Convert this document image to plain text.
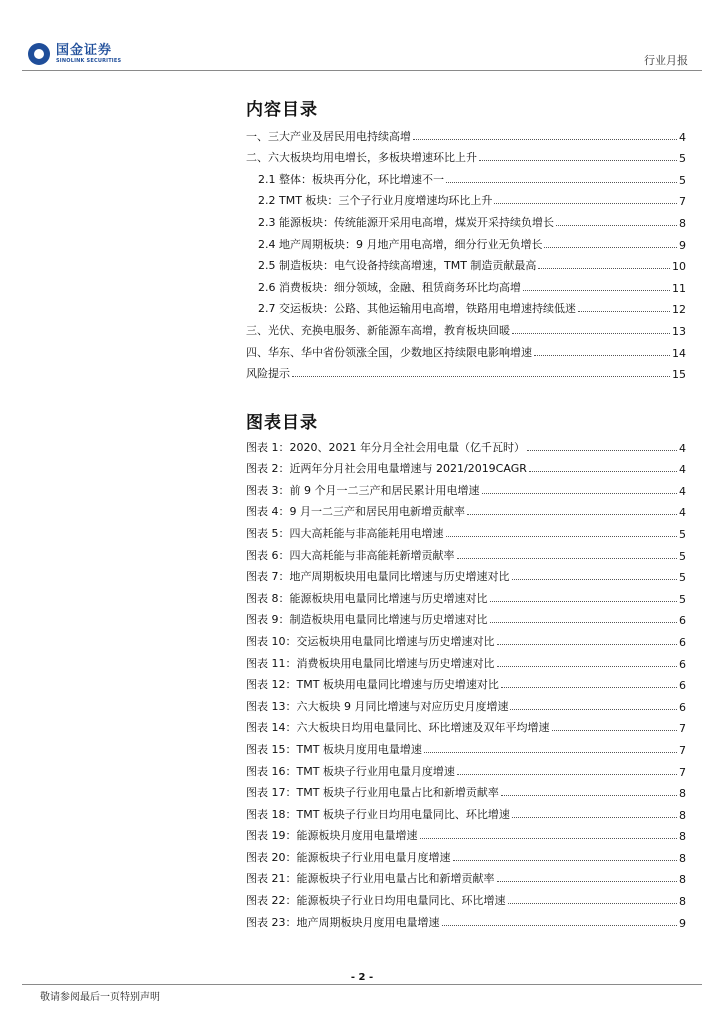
国金证券
SINOLINK SECURITIES	行业月报
内容目录
一、三大产业及居民用电持续高增	4
二、六大板块均用电增长，多板块增速环比上升	5
2.1 整体：板块再分化，环比增速不一	5
2.2 TMT 板块：三个子行业月度增速均环比上升	7
2.3 能源板块：传统能源开采用电高增，煤炭开采持续负增长	8
2.4 地产周期板块：9 月地产用电高增，细分行业无负增长	9
2.5 制造板块：电气设备持续高增速，TMT 制造贡献最高	10
2.6 消费板块：细分领域，金融、租赁商务环比均高增	11
2.7 交运板块：公路、其他运输用电高增，铁路用电增速持续低迷	12
三、光伏、充换电服务、新能源车高增，教育板块回暖	13
四、华东、华中省份领涨全国，少数地区持续限电影响增速	14
风险提示	15
图表目录
图表 1：2020、2021 年分月全社会用电量（亿千瓦时）	4
图表 2：近两年分月社会用电量增速与 2021/2019CAGR	4
图表 3：前 9 个月一二三产和居民累计用电增速	4
图表 4：9 月一二三产和居民用电新增贡献率	4
图表 5：四大高耗能与非高能耗用电增速	5
图表 6：四大高耗能与非高能耗新增贡献率	5
图表 7：地产周期板块用电量同比增速与历史增速对比	5
图表 8：能源板块用电量同比增速与历史增速对比	5
图表 9：制造板块用电量同比增速与历史增速对比	6
图表 10：交运板块用电量同比增速与历史增速对比	6
图表 11：消费板块用电量同比增速与历史增速对比	6
图表 12：TMT 板块用电量同比增速与历史增速对比	6
图表 13：六大板块 9 月同比增速与对应历史月度增速	6
图表 14：六大板块日均用电量同比、环比增速及双年平均增速	7
图表 15：TMT 板块月度用电量增速	7
图表 16：TMT 板块子行业用电量月度增速	7
图表 17：TMT 板块子行业用电量占比和新增贡献率	8
图表 18：TMT 板块子行业日均用电量同比、环比增速	8
图表 19：能源板块月度用电量增速	8
图表 20：能源板块子行业用电量月度增速	8
图表 21：能源板块子行业用电量占比和新增贡献率	8
图表 22：能源板块子行业日均用电量同比、环比增速	8
图表 23：地产周期板块月度用电量增速	9
- 2 -
敬请参阅最后一页特别声明
